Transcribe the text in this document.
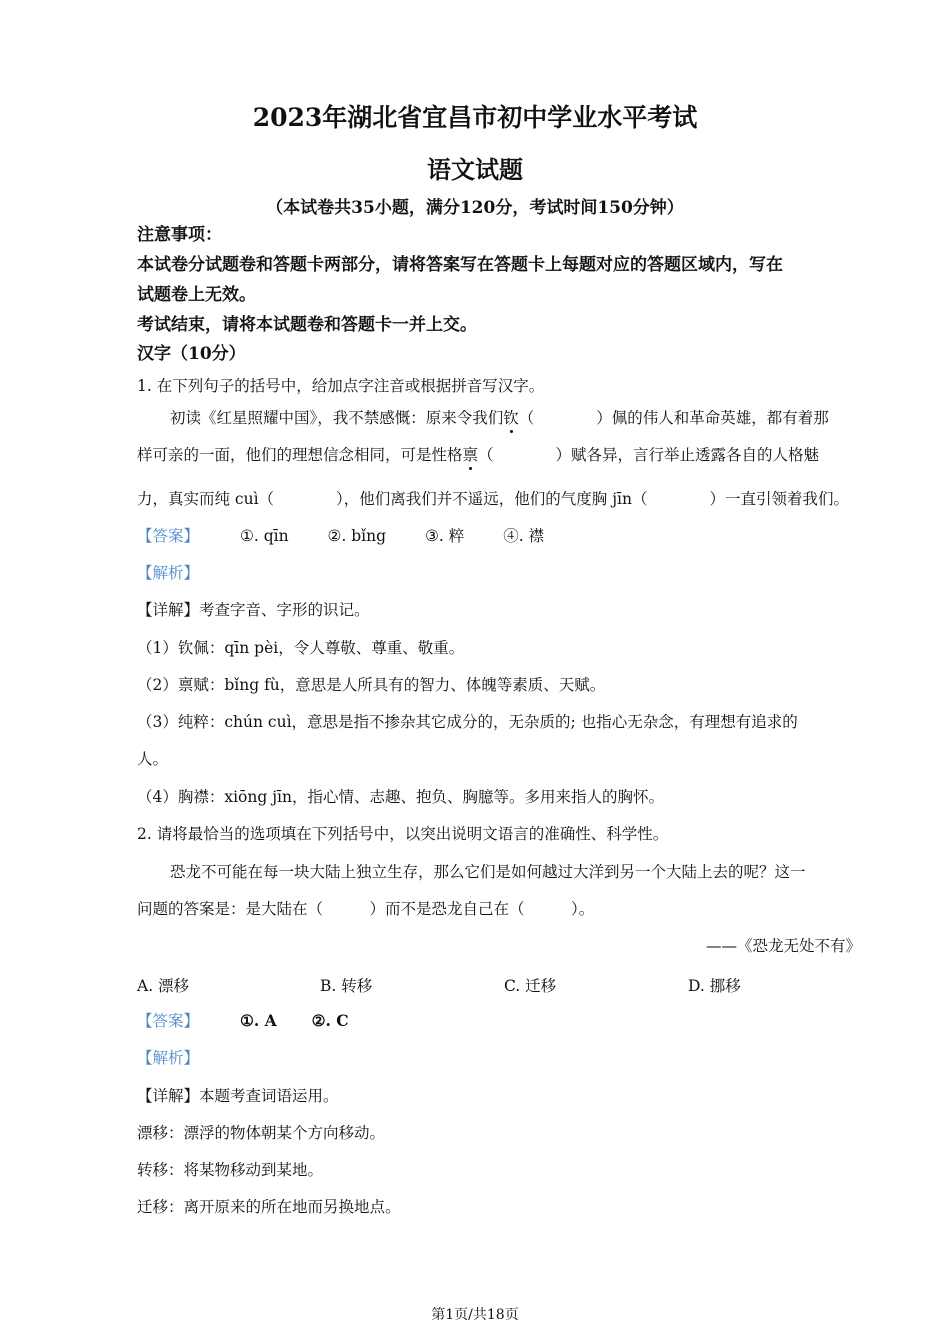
2023年湖北省宜昌市初中学业水平考试
语文试题
（本试卷共35小题，满分120分，考试时间150分钟）
注意事项：
本试卷分试题卷和答题卡两部分，请将答案写在答题卡上每题对应的答题区域内，写在
试题卷上无效。
考试结束，请将本试题卷和答题卡一并上交。
汉字（10分）
1. 在下列句子的括号中，给加点字注音或根据拼音写汉字。
初读《红星照耀中国》，我不禁感慨：原来令我们钦（　　　　）佩的伟人和革命英雄，都有着那
样可亲的一面，他们的理想信念相同，可是性格禀（　　　　）赋各异，言行举止透露各自的人格魅
力，真实而纯 cuì（　　　　），他们离我们并不遥远，他们的气度胸 jīn（　　　　）一直引领着我们。
【答案】	①. qīn	②. bǐng	③. 粹	④. 襟
【解析】
【详解】考查字音、字形的识记。
（1）钦佩：qīn pèi，令人尊敬、尊重、敬重。
（2）禀赋：bǐng fù，意思是人所具有的智力、体魄等素质、天赋。
（3）纯粹：chún cuì，意思是指不掺杂其它成分的，无杂质的; 也指心无杂念，有理想有追求的
人。
（4）胸襟：xiōng jīn，指心情、志趣、抱负、胸臆等。多用来指人的胸怀。
2. 请将最恰当的选项填在下列括号中，以突出说明文语言的准确性、科学性。
恐龙不可能在每一块大陆上独立生存，那么它们是如何越过大洋到另一个大陆上去的呢？这一
问题的答案是：是大陆在（　　　）而不是恐龙自己在（　　　）。
——《恐龙无处不有》
A. 漂移	B. 转移	C. 迁移	D. 挪移
【答案】	①. A ②. C
【解析】
【详解】本题考查词语运用。
漂移：漂浮的物体朝某个方向移动。
转移：将某物移动到某地。
迁移：离开原来的所在地而另换地点。
第1页/共18页
